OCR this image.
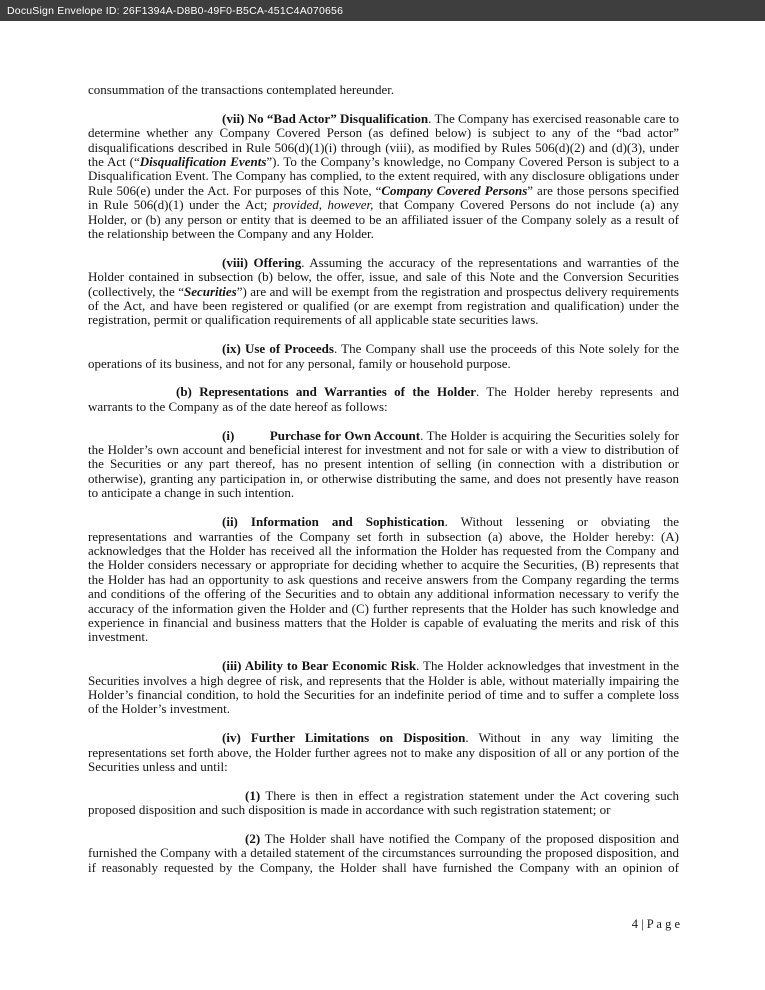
DocuSign Envelope ID: 26F1394A-D8B0-49F0-B5CA-451C4A070656

consummation of the transactions contemplated hereunder.

(vii) No “Bad Actor” Disqualification. The Company has exercised reasonable care to determine whether any Company Covered Person (as defined below) is subject to any of the “bad actor” disqualifications described in Rule 506(d)(1)(i) through (viii), as modified by Rules 506(d)(2) and (d)(3), under the Act (“Disqualification Events”). To the Company’s knowledge, no Company Covered Person is subject to a Disqualification Event. The Company has complied, to the extent required, with any disclosure obligations under Rule 506(e) under the Act. For purposes of this Note, “Company Covered Persons” are those persons specified in Rule 506(d)(1) under the Act; provided, however, that Company Covered Persons do not include (a) any Holder, or (b) any person or entity that is deemed to be an affiliated issuer of the Company solely as a result of the relationship between the Company and any Holder.

(viii) Offering. Assuming the accuracy of the representations and warranties of the Holder contained in subsection (b) below, the offer, issue, and sale of this Note and the Conversion Securities (collectively, the “Securities”) are and will be exempt from the registration and prospectus delivery requirements of the Act, and have been registered or qualified (or are exempt from registration and qualification) under the registration, permit or qualification requirements of all applicable state securities laws.

(ix) Use of Proceeds. The Company shall use the proceeds of this Note solely for the operations of its business, and not for any personal, family or household purpose.

(b) Representations and Warranties of the Holder. The Holder hereby represents and warrants to the Company as of the date hereof as follows:

(i)          Purchase for Own Account. The Holder is acquiring the Securities solely for the Holder’s own account and beneficial interest for investment and not for sale or with a view to distribution of the Securities or any part thereof, has no present intention of selling (in connection with a distribution or otherwise), granting any participation in, or otherwise distributing the same, and does not presently have reason to anticipate a change in such intention.

(ii) Information and Sophistication. Without lessening or obviating the representations and warranties of the Company set forth in subsection (a) above, the Holder hereby: (A) acknowledges that the Holder has received all the information the Holder has requested from the Company and the Holder considers necessary or appropriate for deciding whether to acquire the Securities, (B) represents that the Holder has had an opportunity to ask questions and receive answers from the Company regarding the terms and conditions of the offering of the Securities and to obtain any additional information necessary to verify the accuracy of the information given the Holder and (C) further represents that the Holder has such knowledge and experience in financial and business matters that the Holder is capable of evaluating the merits and risk of this investment.

(iii) Ability to Bear Economic Risk. The Holder acknowledges that investment in the Securities involves a high degree of risk, and represents that the Holder is able, without materially impairing the Holder’s financial condition, to hold the Securities for an indefinite period of time and to suffer a complete loss of the Holder’s investment.

(iv) Further Limitations on Disposition. Without in any way limiting the representations set forth above, the Holder further agrees not to make any disposition of all or any portion of the Securities unless and until:

(1) There is then in effect a registration statement under the Act covering such proposed disposition and such disposition is made in accordance with such registration statement; or

(2) The Holder shall have notified the Company of the proposed disposition and furnished the Company with a detailed statement of the circumstances surrounding the proposed disposition, and if reasonably requested by the Company, the Holder shall have furnished the Company with an opinion of

4 | P a g e
